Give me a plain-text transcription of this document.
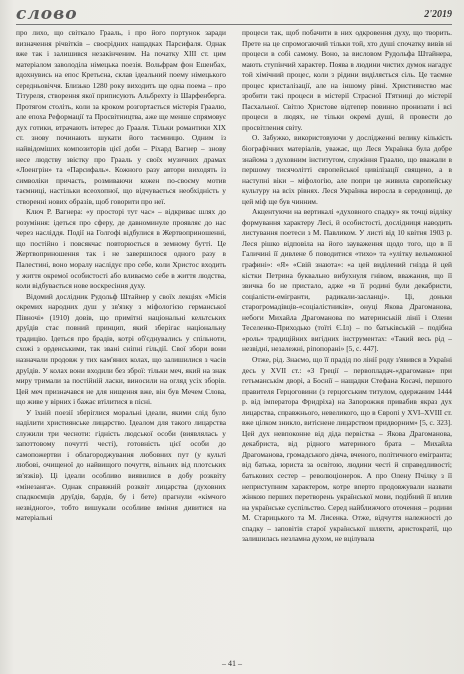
слово	2'2019

про лихо, що світкало Грааль, і про його портунок заради визначення річвітків – своєрідних нащадках Парсифаля. Однак вже так і залишився незакінченим. На початку XIII ст. цим матеріалом заволоділа німецька поезія. Вольфрам фон Ешенбах, вдохнувись на епос Кретьєна, склав ідеальний поему німецького середньовіччя. Близько 1280 року виходить ще одна поема – про Тітуреля, створення якої приписують Альбрехту із Шарфенберга. Протягом століть, коли за кроком розгортається містерія Граалю, але епоха Реформації та Просвітництва, аже ще менше спрямовує дух готики, втрачають інтерес до Грааля. Тільки романтики XIX ст. знову починають шукати його таємницю. Одним із найвідоміших композиторів цієї доби – Ріхард Вагнер – знову несе людству звістку про Грааль у своїх музичних драмах «Лоенгрін» та «Парсифаль». Кожного разу автори виходять із символіки причасть, розмиваючи кожен по-своєму мотив таємниці, настільки всеохопної, що відчувається необхідність у створенні нових образів, щоб говорити про неї.

Ключ Р. Вагнера: «у просторі тут час» – відкриває шлях до розуміння: ідеться про сферу, де давноминуле проявляє до нас через насліддя. Події на Голгофі відбулися в Жертвоприношенні, що постійно і повсякчас повторюється в земному бутті. Це Жертвоприношення так і не завершилося одного разу в Палестині, воно моралу наслідує про себе, коли Христос входить у життя окремої особистості або вливаємо себе в життя людства, коли відбувається нове воскресіння духу.

Відомий дослідник Рудольф Штайнер у своїх лекціях «Місія окремих народних душ у зв'язку з міфологією германської Півночі» (1910) довів, що примітні національні кельтських друїдів стає повний принцип, який зберігає національну традицію. Ідеться про брадів, котрі об'єднувались у спільноти, схожі з орденськими, так звані сніпні гільдії. Свої збори вони назначали продовж у тих кам'яних колах, що залишилися з часів друїдів. У колах вони входили без зброї: тільки меч, який на знак миру тримали за постійній ласки, виносили на огляд усіх зборів. Цей меч призначався не для нищення вже, він був Мечем Слова, що живе у вірних і бажає втілитися в пісні.

У їхній поезії зберіглися моральні ідеали, якими слід було наділити християнське лицарство. Ідеалом для такого лицарства служили три чесноти: гідність людської особи (виявлялась у запоттовому почутті честі), готовність цієї особи до самопожертви і облагороджування любовних пут (у культі любові, очищеної до найвищого почуття, вільних від плотських зв'язків). Ці ідеали особливо виявилися в добу розквіту «мінезанга». Однак справжній розквіт лицарства (духовних спадкоємців друїдів, бардів, бу і бете) прагнули «кімчого незвідного», тобто вишукали особливе вміння дивитися на матеріальні

процеси так, щоб побачити в них одкровення духу, що творить. Прете на це спромогаючий тільки той, хто душі спочатку вивів ні процеси в собі самому. Воно, за висловом Рудольфа Штайнера, мають ступінчий характер. Поява в людини чистих думок нагадує той хімічний процес, коли з рідини виділяється сіль. Це таємне процес кристалізації, але на іншому рівні. Християнство має зробити такі процеси в містерії Страсної П'ятниці до містерії Пасхальної. Світло Христове відтепер повинно пронизати і всі процеси в людях, не тільки окремі душі, й провести до просвітлення світу.

О. Забужко, використовуючи у дослідженні велику кількість біографічних матеріалів, уважає, що Леся Українка була добре знайома з духовним інститутом, служіння Граалю, що вважали в першому тисячолітті європейської цивілізації священо, а в наступні віки – міфологію, але попри це живила європейську культуру на всіх рівнях. Леся Українка виросла в середовищі, де цей міф ще був чинним.

Акцентуючи на вертикалі «духовного спадку» як точці відліку формування характеру Лесі, й особистості, дослідниця наводить листування поетеси з М. Павликом. У листі від 10 квітня 1903 р. Леся рішко відповіла на його зауваження щодо того, що в її Галичині її дивлене б поводитися «тихо» та «улітку вельможної графині»: «Я» «Свій знаюта»: «а цей виділений гнізда й цей кістки Петрина буквально вибухнуля гнівом, вважання, що її звичка бо не пристало, адже «в її родині були декабристи, соціалісти-емігранти, радикали-засланці». Ці, доньки старогромадівців-«соціалістників», онуці Якова Драгоманова, небоги Михайла Драгоманова по материнській лінії і Олени Теселенко-Приходько (тоїті Є.Іл) – по батьківській – подібна «роль» традиційних вигідних інструментах: «Такий весь рід – незвідні, незалежні, ріпопорані» [5, с. 447].

Отже, рід. Знаємо, що її прадід по лінії роду з'явився в Україні десь у XVII ст.: «З Греції – первопладач-«драгомана» при гетьманськім дворі, а Боснії – нащадки Стефана Косачі, першого правителя Герцоговини (з герцогським титулом, одержаним 1444 р. від імператора Фридріха) на Запорожжя привабив якраз дух лицарства, справжнього, невеликого, що в Європі у XVI–XVIII ст. вже цілком зникло, витіснене лицарством придворним» [5, с. 323]. Цей дух невпоконне від діда первістка – Якова Драгоманова, декабриста, від рідного материного брата – Михайла Драгоманова, громадського діяча, вченого, політичного емігранта; від батька, юриста за освітою, людини честі й справедливості; батькових сестер – революціонерок. А про Олену Пчілку з її неприступним характером, котре вперто продовжували назвати жінкою перших перетворень української мови, подібний її вплив на українське суспільство. Серед найближчого оточення – родини М. Старицького та М. Лисенка. Отже, відчуття належності до спадку – заповітів старої української шляхти, аристократії, що залишилась незламна духом, не вцілувала

– 41 –
